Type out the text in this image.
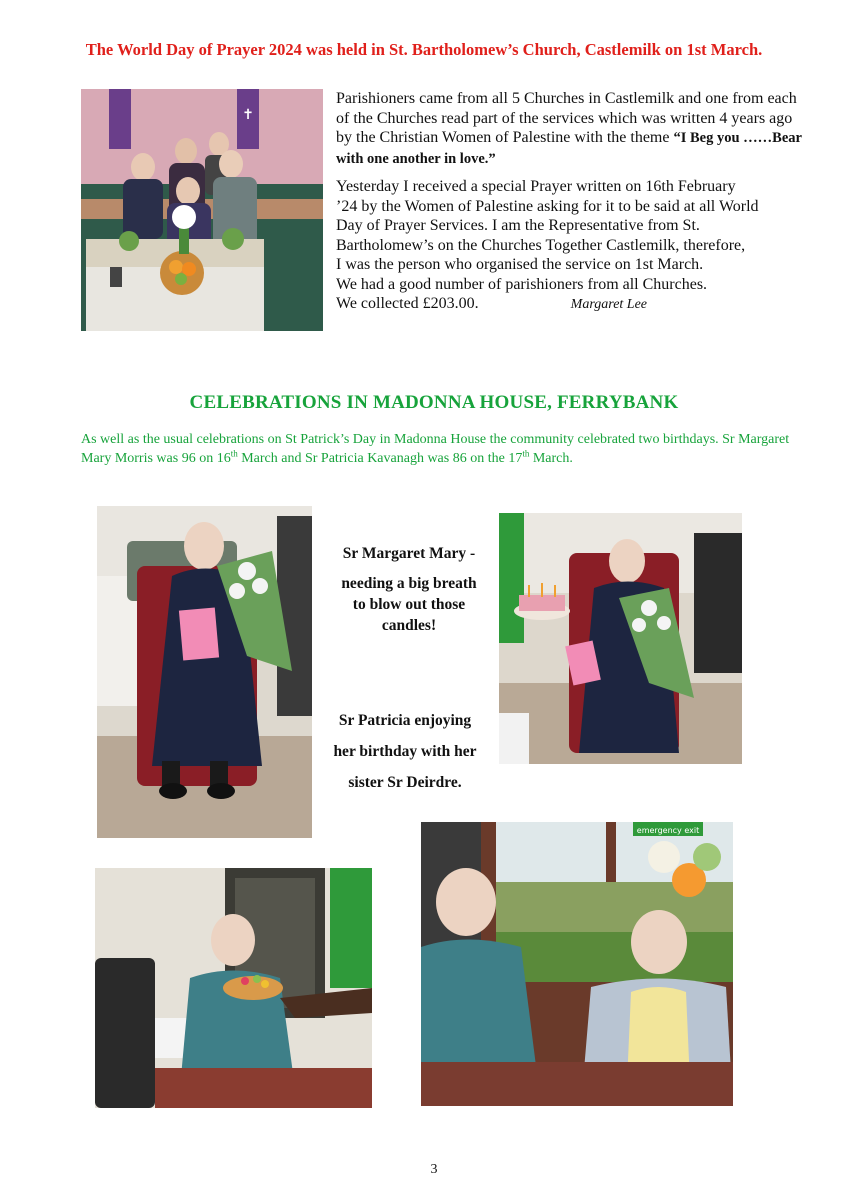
The World Day of Prayer 2024 was held in St. Bartholomew’s Church, Castlemilk on 1st March.
✝

Parishioners came from all 5 Churches in Castlemilk and one from each of the Churches read part of the services which was written 4 years ago by the Christian Women of Palestine with the theme “I Beg you ……Bear with one another in love.”

Yesterday I received a special Prayer written on 16th February
’24 by the Women of Palestine asking for it to be said at all World
Day of Prayer Services. I am the Representative from St.
Bartholomew’s on the Churches Together Castlemilk, therefore,
I was the person who organised the service on 1st March.
We had a good number of parishioners from all Churches.
We collected £203.00.	Margaret Lee
CELEBRATIONS IN MADONNA HOUSE, FERRYBANK
As well as the usual celebrations on St Patrick’s Day in Madonna House the community celebrated two birthdays. Sr Margaret Mary Morris was 96 on 16th March and Sr Patricia Kavanagh was 86 on the 17th March.
Sr Margaret Mary -
needing a big breath
to blow out those
candles!
Sr Patricia enjoying
her birthday with her
sister Sr Deirdre.
emergency exit
3
